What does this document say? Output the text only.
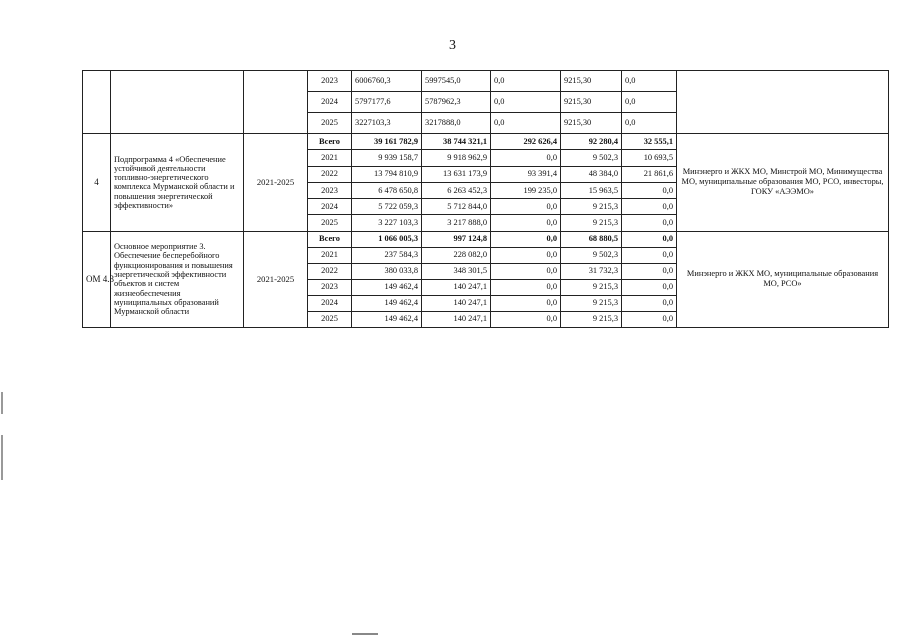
3
			2023	6006760,3	5997545,0	0,0	9215,30	0,0	
			2024	5797177,6	5787962,3	0,0	9215,30	0,0	
			2025	3227103,3	3217888,0	0,0	9215,30	0,0	
4	Подпрограмма 4 «Обеспечение устойчивой деятельности топливно-энергетического комплекса Мурманской области и повышения энергетической эффективности»	2021-2025	Всего	39 161 782,9	38 744 321,1	292 626,4	92 280,4	32 555,1	Минэнерго и ЖКХ МО, Минстрой МО, Минимущества МО, муниципальные образования МО, РСО, инвесторы, ГОКУ «АЭЭМО»
			2021	9 939 158,7	9 918 962,9	0,0	9 502,3	10 693,5	
			2022	13 794 810,9	13 631 173,9	93 391,4	48 384,0	21 861,6	
			2023	6 478 650,8	6 263 452,3	199 235,0	15 963,5	0,0	
			2024	5 722 059,3	5 712 844,0	0,0	9 215,3	0,0	
			2025	3 227 103,3	3 217 888,0	0,0	9 215,3	0,0	
ОМ 4.3	Основное мероприятие 3. Обеспечение бесперебойного функционирования и повышения энергетической эффективности объектов и систем жизнеобеспечения муниципальных образований Мурманской области	2021-2025	Всего	1 066 005,3	997 124,8	0,0	68 880,5	0,0	Минэнерго и ЖКХ МО, муниципальные образования МО, РСО»
			2021	237 584,3	228 082,0	0,0	9 502,3	0,0	
			2022	380 033,8	348 301,5	0,0	31 732,3	0,0	
			2023	149 462,4	140 247,1	0,0	9 215,3	0,0	
			2024	149 462,4	140 247,1	0,0	9 215,3	0,0	
			2025	149 462,4	140 247,1	0,0	9 215,3	0,0	
